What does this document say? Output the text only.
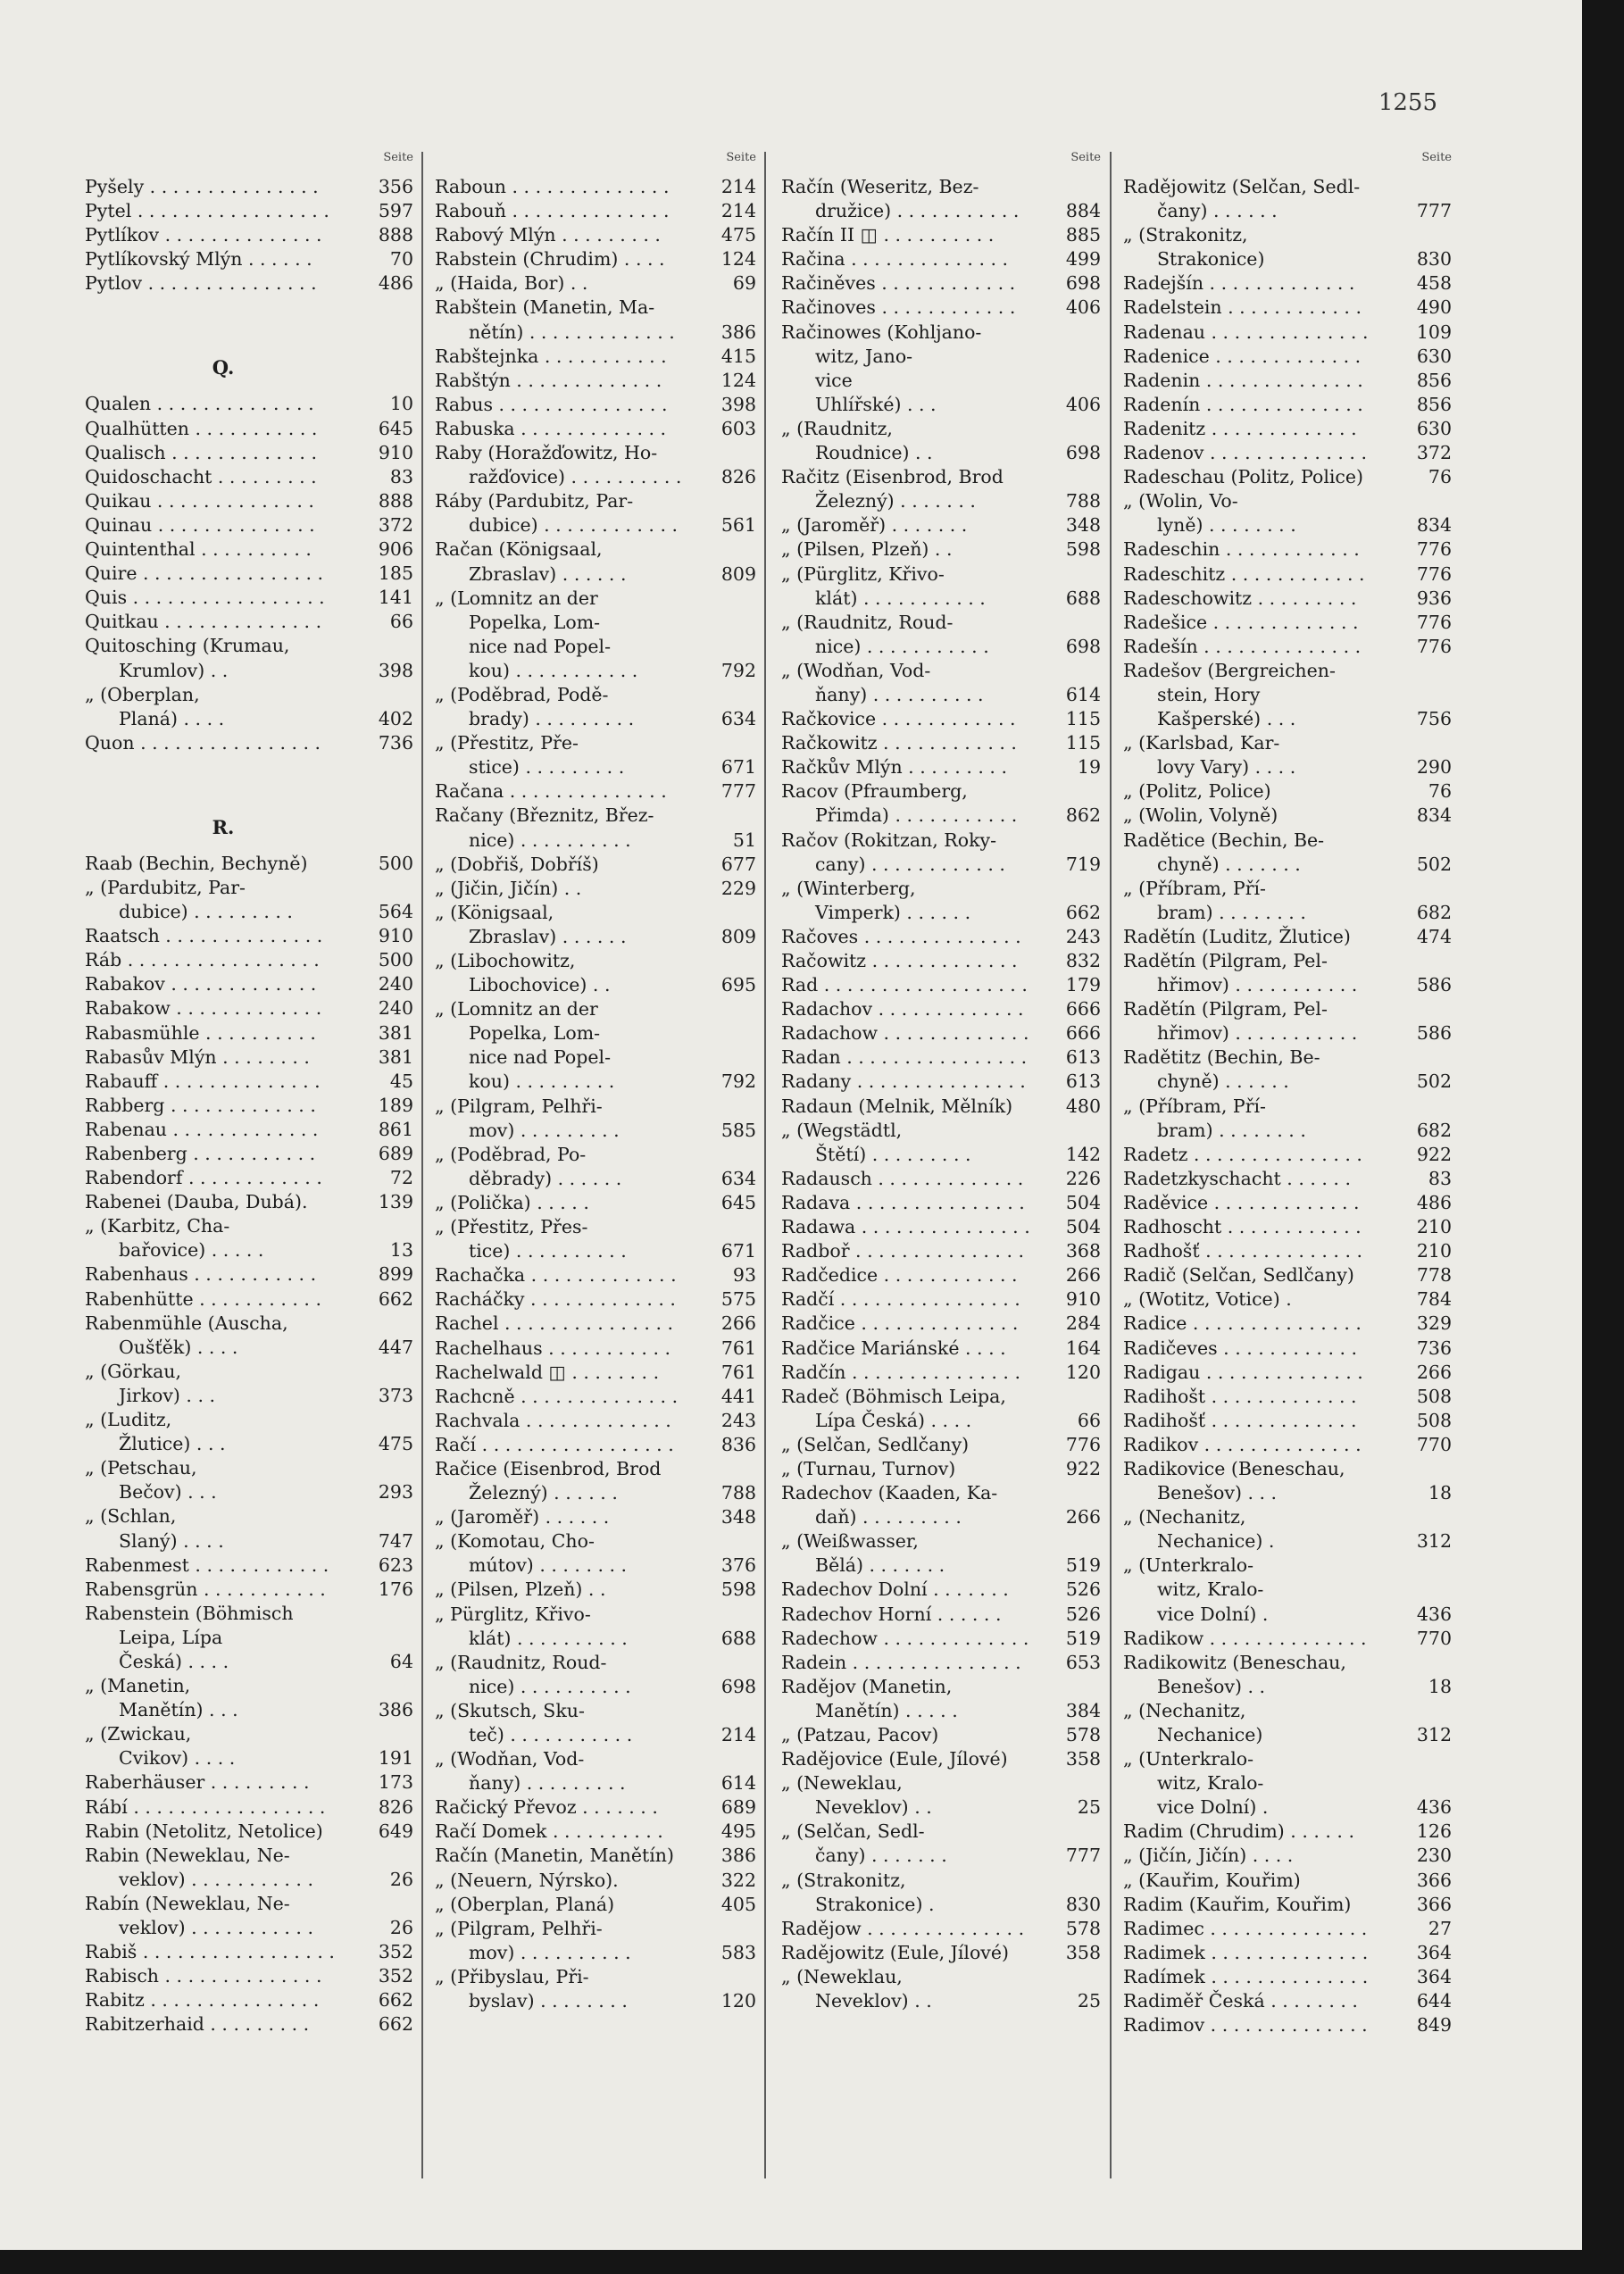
1255
Seite
Pyšely . . . . . . . . . . . . . . .	356
Pytel . . . . . . . . . . . . . . . . .	597
Pytlíkov . . . . . . . . . . . . . .	888
Pytlíkovský Mlýn . . . . . .	70
Pytlov . . . . . . . . . . . . . . .	486
Q.
Qualen . . . . . . . . . . . . . .	10
Qualhütten . . . . . . . . . . .	645
Qualisch . . . . . . . . . . . . .	910
Quidoschacht . . . . . . . . .	83
Quikau . . . . . . . . . . . . . .	888
Quinau . . . . . . . . . . . . . .	372
Quintenthal . . . . . . . . . .	906
Quire . . . . . . . . . . . . . . . .	185
Quis . . . . . . . . . . . . . . . . .	141
Quitkau . . . . . . . . . . . . . .	66
Quitosching (Krumau,
Krumlov) . .	398
„ (Oberplan,
Planá) . . . .	402
Quon . . . . . . . . . . . . . . . .	736
R.
Raab (Bechin, Bechyně)	500
„ (Pardubitz, Par-
dubice) . . . . . . . . .	564
Raatsch . . . . . . . . . . . . . .	910
Ráb . . . . . . . . . . . . . . . . .	500
Rabakov . . . . . . . . . . . . .	240
Rabakow . . . . . . . . . . . . .	240
Rabasmühle . . . . . . . . . .	381
Rabasův Mlýn . . . . . . . .	381
Rabauff . . . . . . . . . . . . . .	45
Rabberg . . . . . . . . . . . . .	189
Rabenau . . . . . . . . . . . . .	861
Rabenberg . . . . . . . . . . .	689
Rabendorf . . . . . . . . . . . .	72
Rabenei (Dauba, Dubá).	139
„ (Karbitz, Cha-
bařovice) . . . . .	13
Rabenhaus . . . . . . . . . . .	899
Rabenhütte . . . . . . . . . . .	662
Rabenmühle (Auscha,
Oušťěk) . . . .	447
„ (Görkau,
Jirkov) . . .	373
„ (Luditz,
Žlutice) . . .	475
„ (Petschau,
Bečov) . . .	293
„ (Schlan,
Slaný) . . . .	747
Rabenmest . . . . . . . . . . . .	623
Rabensgrün . . . . . . . . . . .	176
Rabenstein (Böhmisch
Leipa, Lípa
Česká) . . . .	64
„ (Manetin,
Manětín) . . .	386
„ (Zwickau,
Cvikov) . . . .	191
Raberhäuser . . . . . . . . .	173
Rábí . . . . . . . . . . . . . . . . .	826
Rabin (Netolitz, Netolice)	649
Rabin (Neweklau, Ne-
veklov) . . . . . . . . . . .	26
Rabín (Neweklau, Ne-
veklov) . . . . . . . . . . .	26
Rabiš . . . . . . . . . . . . . . . . .	352
Rabisch . . . . . . . . . . . . . .	352
Rabitz . . . . . . . . . . . . . . .	662
Rabitzerhaid . . . . . . . . .	662
Seite
Raboun . . . . . . . . . . . . . .	214
Rabouň . . . . . . . . . . . . . .	214
Rabový Mlýn . . . . . . . . .	475
Rabstein (Chrudim) . . . .	124
„ (Haida, Bor) . .	69
Rabštein (Manetin, Ma-
nětín) . . . . . . . . . . . . .	386
Rabštejnka . . . . . . . . . . .	415
Rabštýn . . . . . . . . . . . . .	124
Rabus . . . . . . . . . . . . . . .	398
Rabuska . . . . . . . . . . . . .	603
Raby (Horažďowitz, Ho-
ražďovice) . . . . . . . . . .	826
Ráby (Pardubitz, Par-
dubice) . . . . . . . . . . . .	561
Račan (Königsaal,
Zbraslav) . . . . . .	809
„ (Lomnitz an der
Popelka, Lom-
nice nad Popel-
kou) . . . . . . . . . . .	792
„ (Poděbrad, Podě-
brady) . . . . . . . . .	634
„ (Přestitz, Pře-
stice) . . . . . . . . .	671
Račana . . . . . . . . . . . . . .	777
Račany (Březnitz, Břez-
nice) . . . . . . . . . .	51
„ (Dobřiš, Dobříš)	677
„ (Jičin, Jičín) . .	229
„ (Königsaal,
Zbraslav) . . . . . .	809
„ (Libochowitz,
Libochovice) . .	695
„ (Lomnitz an der
Popelka, Lom-
nice nad Popel-
kou) . . . . . . . . .	792
„ (Pilgram, Pelhři-
mov) . . . . . . . . .	585
„ (Poděbrad, Po-
děbrady) . . . . . .	634
„ (Polička) . . . . .	645
„ (Přestitz, Přes-
tice) . . . . . . . . . .	671
Rachačka . . . . . . . . . . . . .	93
Racháčky . . . . . . . . . . . . .	575
Rachel . . . . . . . . . . . . . . .	266
Rachelhaus . . . . . . . . . . .	761
Rachelwald ◫ . . . . . . . .	761
Rachcně . . . . . . . . . . . . . .	441
Rachvala . . . . . . . . . . . . .	243
Račí . . . . . . . . . . . . . . . . .	836
Račice (Eisenbrod, Brod
Železný) . . . . . .	788
„ (Jaroměř) . . . . . .	348
„ (Komotau, Cho-
mútov) . . . . . . . .	376
„ (Pilsen, Plzeň) . .	598
„ Pürglitz, Křivo-
klát) . . . . . . . . . .	688
„ (Raudnitz, Roud-
nice) . . . . . . . . . .	698
„ (Skutsch, Sku-
teč) . . . . . . . . . . .	214
„ (Wodňan, Vod-
ňany) . . . . . . . . .	614
Račický Převoz . . . . . . .	689
Račí Domek . . . . . . . . . .	495
Račín (Manetin, Manětín)	386
„ (Neuern, Nýrsko).	322
„ (Oberplan, Planá)	405
„ (Pilgram, Pelhři-
mov) . . . . . . . . . .	583
„ (Přibyslau, Při-
byslav) . . . . . . . .	120
Seite
Račín (Weseritz, Bez-
družice) . . . . . . . . . . .	884
Račín II ◫ . . . . . . . . . .	885
Račina . . . . . . . . . . . . . .	499
Račiněves . . . . . . . . . . . .	698
Račinoves . . . . . . . . . . . .	406
Račinowes (Kohljano-
witz, Jano-
vice
Uhlířské) . . .	406
„ (Raudnitz,
Roudnice) . .	698
Račitz (Eisenbrod, Brod
Železný) . . . . . . .	788
„ (Jaroměř) . . . . . . .	348
„ (Pilsen, Plzeň) . .	598
„ (Pürglitz, Křivo-
klát) . . . . . . . . . . .	688
„ (Raudnitz, Roud-
nice) . . . . . . . . . . .	698
„ (Wodňan, Vod-
ňany) . . . . . . . . . .	614
Račkovice . . . . . . . . . . . .	115
Račkowitz . . . . . . . . . . . .	115
Račkův Mlýn . . . . . . . . .	19
Racov (Pfraumberg,
Přimda) . . . . . . . . . . .	862
Račov (Rokitzan, Roky-
cany) . . . . . . . . . . . .	719
„ (Winterberg,
Vimperk) . . . . . .	662
Račoves . . . . . . . . . . . . . .	243
Račowitz . . . . . . . . . . . . .	832
Rad . . . . . . . . . . . . . . . . . .	179
Radachov . . . . . . . . . . . . .	666
Radachow . . . . . . . . . . . . .	666
Radan . . . . . . . . . . . . . . . .	613
Radany . . . . . . . . . . . . . . .	613
Radaun (Melnik, Mělník)	480
„ (Wegstädtl,
Štětí) . . . . . . . . .	142
Radausch . . . . . . . . . . . . .	226
Radava . . . . . . . . . . . . . . .	504
Radawa . . . . . . . . . . . . . . .	504
Radboř . . . . . . . . . . . . . . .	368
Radčedice . . . . . . . . . . . .	266
Radčí . . . . . . . . . . . . . . . .	910
Radčice . . . . . . . . . . . . . .	284
Radčice Mariánské . . . .	164
Radčín . . . . . . . . . . . . . . .	120
Radeč (Böhmisch Leipa,
Lípa Česká) . . . .	66
„ (Selčan, Sedlčany)	776
„ (Turnau, Turnov)	922
Radechov (Kaaden, Ka-
daň) . . . . . . . . .	266
„ (Weißwasser,
Bělá) . . . . . . .	519
Radechov Dolní . . . . . . .	526
Radechov Horní . . . . . .	526
Radechow . . . . . . . . . . . . .	519
Radein . . . . . . . . . . . . . . .	653
Radějov (Manetin,
Manětín) . . . . .	384
„ (Patzau, Pacov)	578
Radějovice (Eule, Jílové)	358
„ (Neweklau,
Neveklov) . .	25
„ (Selčan, Sedl-
čany) . . . . . . .	777
„ (Strakonitz,
Strakonice) .	830
Radějow . . . . . . . . . . . . . .	578
Radějowitz (Eule, Jílové)	358
„ (Neweklau,
Neveklov) . .	25
Seite
Radějowitz (Selčan, Sedl-
čany) . . . . . .	777
„ (Strakonitz,
Strakonice)	830
Radejšín . . . . . . . . . . . . .	458
Radelstein . . . . . . . . . . . .	490
Radenau . . . . . . . . . . . . . .	109
Radenice . . . . . . . . . . . . .	630
Radenin . . . . . . . . . . . . . .	856
Radenín . . . . . . . . . . . . . .	856
Radenitz . . . . . . . . . . . . .	630
Radenov . . . . . . . . . . . . . .	372
Radeschau (Politz, Police)	76
„ (Wolin, Vo-
lyně) . . . . . . . .	834
Radeschin . . . . . . . . . . . .	776
Radeschitz . . . . . . . . . . . .	776
Radeschowitz . . . . . . . . .	936
Radešice . . . . . . . . . . . . .	776
Radešín . . . . . . . . . . . . . .	776
Radešov (Bergreichen-
stein, Hory
Kašperské) . . .	756
„ (Karlsbad, Kar-
lovy Vary) . . . .	290
„ (Politz, Police)	76
„ (Wolin, Volyně)	834
Radětice (Bechin, Be-
chyně) . . . . . . .	502
„ (Příbram, Pří-
bram) . . . . . . . .	682
Radětín (Luditz, Žlutice)	474
Radětín (Pilgram, Pel-
hřimov) . . . . . . . . . . .	586
Radětín (Pilgram, Pel-
hřimov) . . . . . . . . . . .	586
Radětitz (Bechin, Be-
chyně) . . . . . .	502
„ (Příbram, Pří-
bram) . . . . . . . .	682
Radetz . . . . . . . . . . . . . . .	922
Radetzkyschacht . . . . . .	83
Raděvice . . . . . . . . . . . . .	486
Radhoscht . . . . . . . . . . . .	210
Radhošť . . . . . . . . . . . . . .	210
Radič (Selčan, Sedlčany)	778
„ (Wotitz, Votice) .	784
Radice . . . . . . . . . . . . . . .	329
Radičeves . . . . . . . . . . . .	736
Radigau . . . . . . . . . . . . . .	266
Radihošt . . . . . . . . . . . . .	508
Radihošť . . . . . . . . . . . . .	508
Radikov . . . . . . . . . . . . . .	770
Radikovice (Beneschau,
Benešov) . . .	18
„ (Nechanitz,
Nechanice) .	312
„ (Unterkralo-
witz, Kralo-
vice Dolní) .	436
Radikow . . . . . . . . . . . . . .	770
Radikowitz (Beneschau,
Benešov) . .	18
„ (Nechanitz,
Nechanice)	312
„ (Unterkralo-
witz, Kralo-
vice Dolní) .	436
Radim (Chrudim) . . . . . .	126
„ (Jičín, Jičín) . . . .	230
„ (Kauřim, Kouřim)	366
Radim (Kauřim, Kouřim)	366
Radimec . . . . . . . . . . . . . .	27
Radimek . . . . . . . . . . . . . .	364
Radímek . . . . . . . . . . . . . .	364
Radiměř Česká . . . . . . . .	644
Radimov . . . . . . . . . . . . . .	849
